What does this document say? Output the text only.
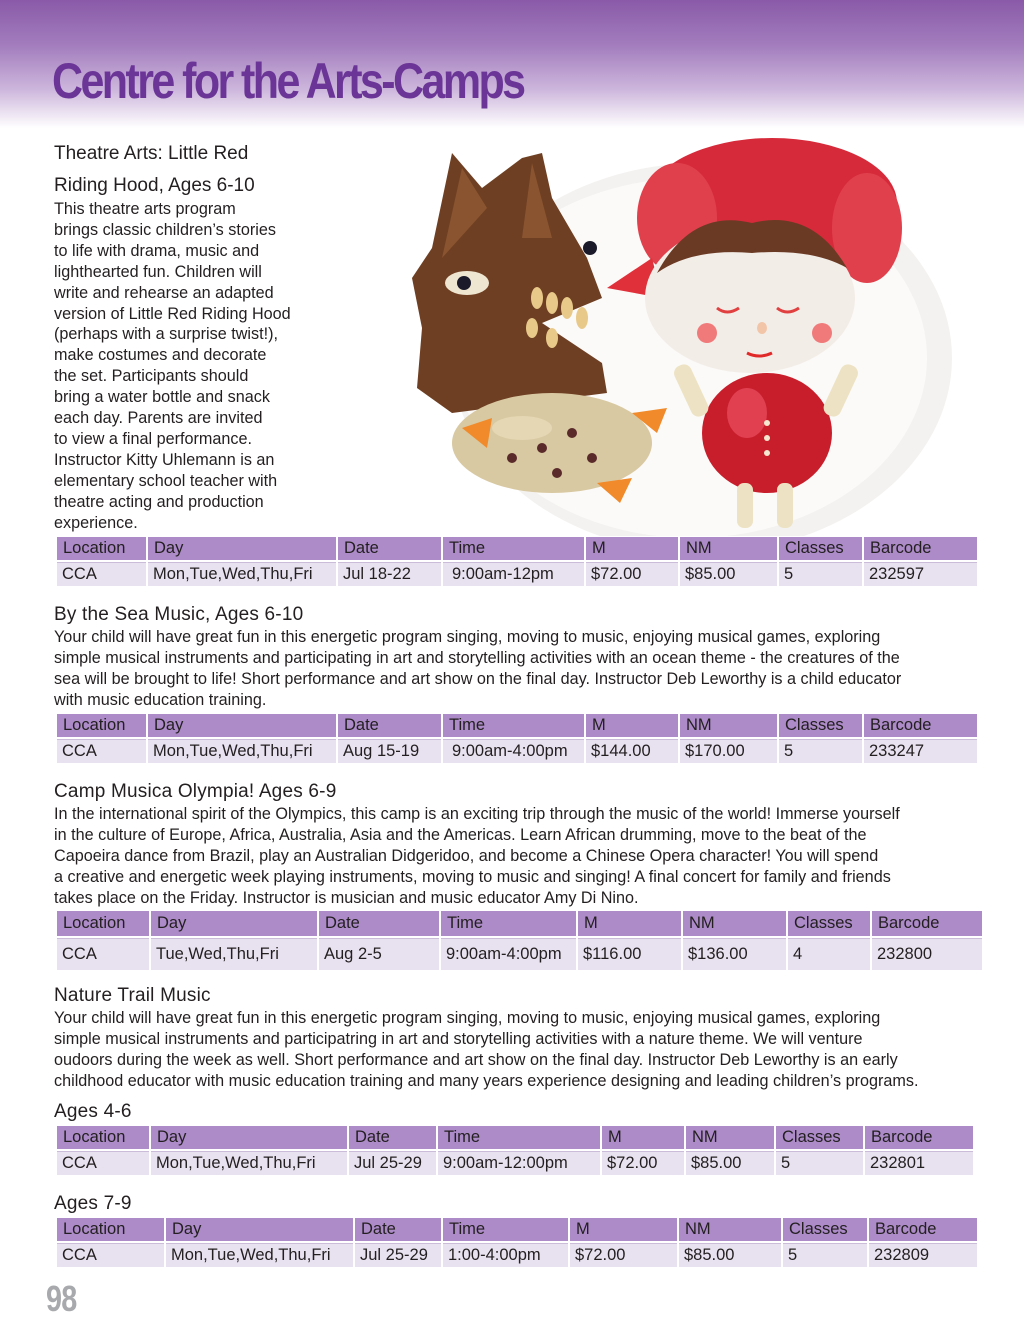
Centre for the Arts-Camps
Theatre Arts: Little Red
Riding Hood, Ages 6-10
This theatre arts program
brings classic children’s stories
to life with drama, music and
lighthearted fun. Children will
write and rehearse an adapted
version of Little Red Riding Hood
(perhaps with a surprise twist!),
make costumes and decorate
the set. Participants should
bring a water bottle and snack
each day. Parents are invited
to view a final performance.
Instructor Kitty Uhlemann is an
elementary school teacher with
theatre acting and production
experience.
Location	Day	Date	Time	M	NM	Classes	Barcode
CCA	Mon,Tue,Wed,Thu,Fri	Jul 18-22	9:00am-12pm	$72.00	$85.00	5	232597
By the Sea Music, Ages 6-10
Your child will have great fun in this energetic program singing, moving to music, enjoying musical games, exploring
simple musical instruments and participating in art and storytelling activities with an ocean theme - the creatures of the
sea will be brought to life! Short performance and art show on the final day. Instructor Deb Leworthy is a child educator
with music education training.
Location	Day	Date	Time	M	NM	Classes	Barcode
CCA	Mon,Tue,Wed,Thu,Fri	Aug 15-19	9:00am-4:00pm	$144.00	$170.00	5	233247
Camp Musica Olympia! Ages 6-9
In the international spirit of the Olympics, this camp is an exciting trip through the music of the world! Immerse yourself
in the culture of Europe, Africa, Australia, Asia and the Americas. Learn African drumming, move to the beat of the
Capoeira dance from Brazil, play an Australian Didgeridoo, and become a Chinese Opera character! You will spend
a creative and energetic week playing instruments, moving to music and singing! A final concert for family and friends
takes place on the Friday. Instructor is musician and music educator Amy Di Nino.
Location	Day	Date	Time	M	NM	Classes	Barcode
CCA	Tue,Wed,Thu,Fri	Aug 2-5	9:00am-4:00pm	$116.00	$136.00	4	232800
Nature Trail Music
Your child will have great fun in this energetic program singing, moving to music, enjoying musical games, exploring
simple musical instruments and participatring in art and storytelling activities with a nature theme. We will venture
oudoors during the week as well. Short performance and art show on the final day. Instructor Deb Leworthy is an early
childhood educator with music education training and many years experience designing and leading children’s programs.
Ages 4-6
Location	Day	Date	Time	M	NM	Classes	Barcode
CCA	Mon,Tue,Wed,Thu,Fri	Jul 25-29	9:00am-12:00pm	$72.00	$85.00	5	232801
Ages 7-9
Location	Day	Date	Time	M	NM	Classes	Barcode
CCA	Mon,Tue,Wed,Thu,Fri	Jul 25-29	1:00-4:00pm	$72.00	$85.00	5	232809
98
